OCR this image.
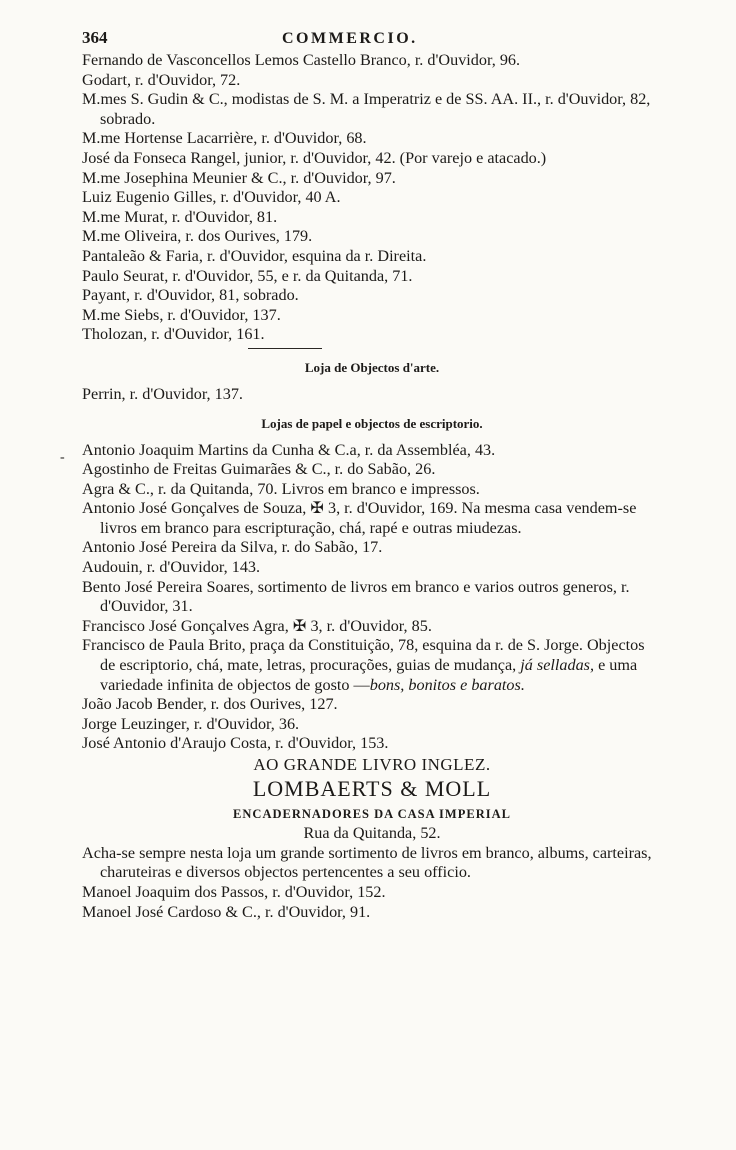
-
364	COMMERCIO.
Fernando de Vasconcellos Lemos Castello Branco, r. d'Ouvidor, 96.
Godart, r. d'Ouvidor, 72.
M.mes S. Gudin & C., modistas de S. M. a Imperatriz e de SS. AA. II., r. d'Ouvidor, 82, sobrado.
M.me Hortense Lacarrière, r. d'Ouvidor, 68.
José da Fonseca Rangel, junior, r. d'Ouvidor, 42. (Por varejo e atacado.)
M.me Josephina Meunier & C., r. d'Ouvidor, 97.
Luiz Eugenio Gilles, r. d'Ouvidor, 40 A.
M.me Murat, r. d'Ouvidor, 81.
M.me Oliveira, r. dos Ourives, 179.
Pantaleão & Faria, r. d'Ouvidor, esquina da r. Direita.
Paulo Seurat, r. d'Ouvidor, 55, e r. da Quitanda, 71.
Payant, r. d'Ouvidor, 81, sobrado.
M.me Siebs, r. d'Ouvidor, 137.
Tholozan, r. d'Ouvidor, 161.
Loja de Objectos d'arte.
Perrin, r. d'Ouvidor, 137.
Lojas de papel e objectos de escriptorio.
Antonio Joaquim Martins da Cunha & C.a, r. da Assembléa, 43.
Agostinho de Freitas Guimarães & C., r. do Sabão, 26.
Agra & C., r. da Quitanda, 70. Livros em branco e impressos.
Antonio José Gonçalves de Souza, ✠ 3, r. d'Ouvidor, 169. Na mesma casa vendem-se livros em branco para escripturação, chá, rapé e outras miudezas.
Antonio José Pereira da Silva, r. do Sabão, 17.
Audouin, r. d'Ouvidor, 143.
Bento José Pereira Soares, sortimento de livros em branco e varios outros generos, r. d'Ouvidor, 31.
Francisco José Gonçalves Agra, ✠ 3, r. d'Ouvidor, 85.
Francisco de Paula Brito, praça da Constituição, 78, esquina da r. de S. Jorge. Objectos de escriptorio, chá, mate, letras, procurações, guias de mudança, já selladas, e uma variedade infinita de objectos de gosto —bons, bonitos e baratos.
João Jacob Bender, r. dos Ourives, 127.
Jorge Leuzinger, r. d'Ouvidor, 36.
José Antonio d'Araujo Costa, r. d'Ouvidor, 153.
AO GRANDE LIVRO INGLEZ.
LOMBAERTS & MOLL
ENCADERNADORES DA CASA IMPERIAL
Rua da Quitanda, 52.
Acha-se sempre nesta loja um grande sortimento de livros em branco, albums, carteiras, charuteiras e diversos objectos pertencentes a seu officio.
Manoel Joaquim dos Passos, r. d'Ouvidor, 152.
Manoel José Cardoso & C., r. d'Ouvidor, 91.
